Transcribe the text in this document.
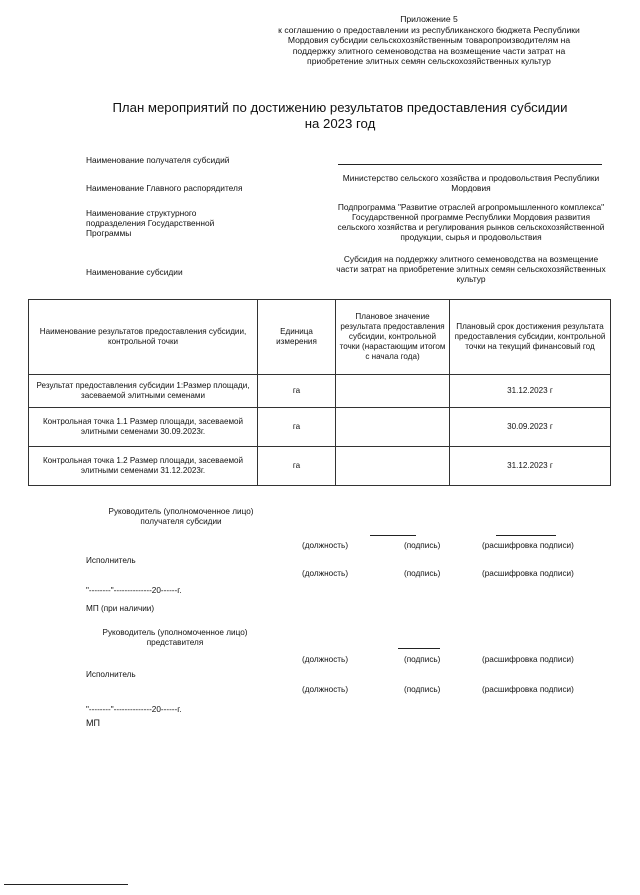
Приложение 5
к соглашению о предоставлении из республиканского бюджета Республики
Мордовия субсидии сельскохозяйственным товаропроизводителям на
поддержку элитного семеноводства на возмещение части затрат на
приобретение элитных семян сельскохозяйственных культур
План мероприятий по достижению результатов предоставления субсидии
на 2023 год
Наименование получателя субсидий
Наименование Главного распорядителя
Министерство сельского хозяйства и продовольствия Республики Мордовия
Наименование структурного подразделения Государственной Программы
Подпрограмма "Развитие отраслей агропромышленного комплекса" Государственной программе Республики Мордовия развития сельского хозяйства и регулирования рынков сельскохозяйственной продукции, сырья и продовольствия
Наименование субсидии
Субсидия на поддержку элитного семеноводства на возмещение части затрат на приобретение элитных семян сельскохозяйственных культур
Наименование результатов предоставления субсидии, контрольной точки	Единица измерения	Плановое значение результата предоставления субсидии, контрольной точки (нарастающим итогом с начала года)	Плановый срок достижения результата предоставления субсидии, контрольной точки на текущий финансовый год
Результат предоставления субсидии 1:Размер площади, засеваемой элитными семенами	га		31.12.2023 г
Контрольная точка 1.1 Размер площади, засеваемой элитными семенами 30.09.2023г.	га		30.09.2023 г
Контрольная точка 1.2 Размер площади, засеваемой элитными семенами 31.12.2023г.	га		31.12.2023 г
Руководитель (уполномоченное лицо)
получателя субсидии
(должность)	(подпись)	(расшифровка подписи)
Исполнитель
(должность)	(подпись)	(расшифровка подписи)
"--------"--------------20------г.
МП (при наличии)
Руководитель (уполномоченное лицо)
представителя
(должность)	(подпись)	(расшифровка подписи)
Исполнитель
(должность)	(подпись)	(расшифровка подписи)
"--------"--------------20------г.
МП
